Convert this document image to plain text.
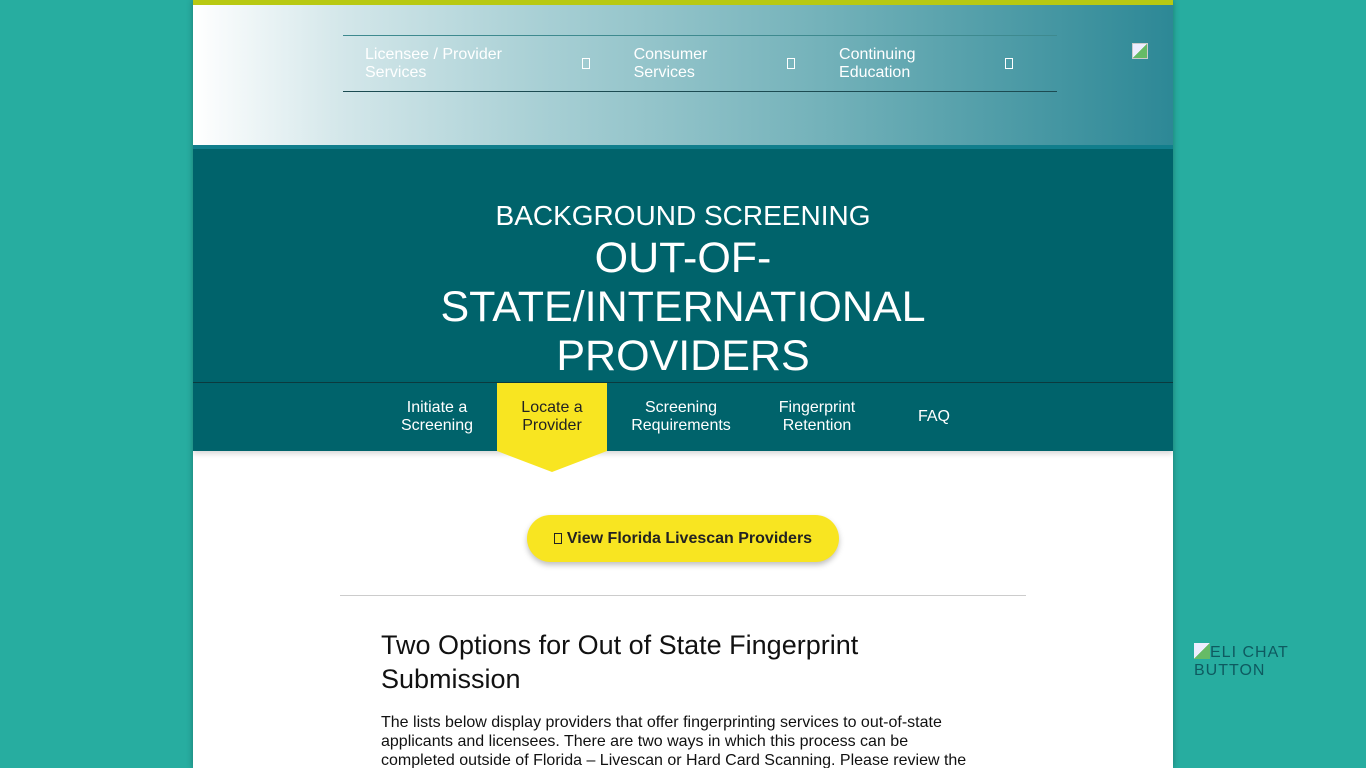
Licensee / Provider Services
Consumer Services
Continuing Education
BACKGROUND SCREENING
OUT-OF-STATE/INTERNATIONAL PROVIDERS
Initiate a Screening
Locate a Provider
Screening Requirements
Fingerprint Retention
FAQ
View Florida Livescan Providers
Two Options for Out of State Fingerprint Submission
The lists below display providers that offer fingerprinting services to out-of-state applicants and licensees. There are two ways in which this process can be completed outside of Florida – Livescan or Hard Card Scanning. Please review the
ELI CHAT BUTTON
